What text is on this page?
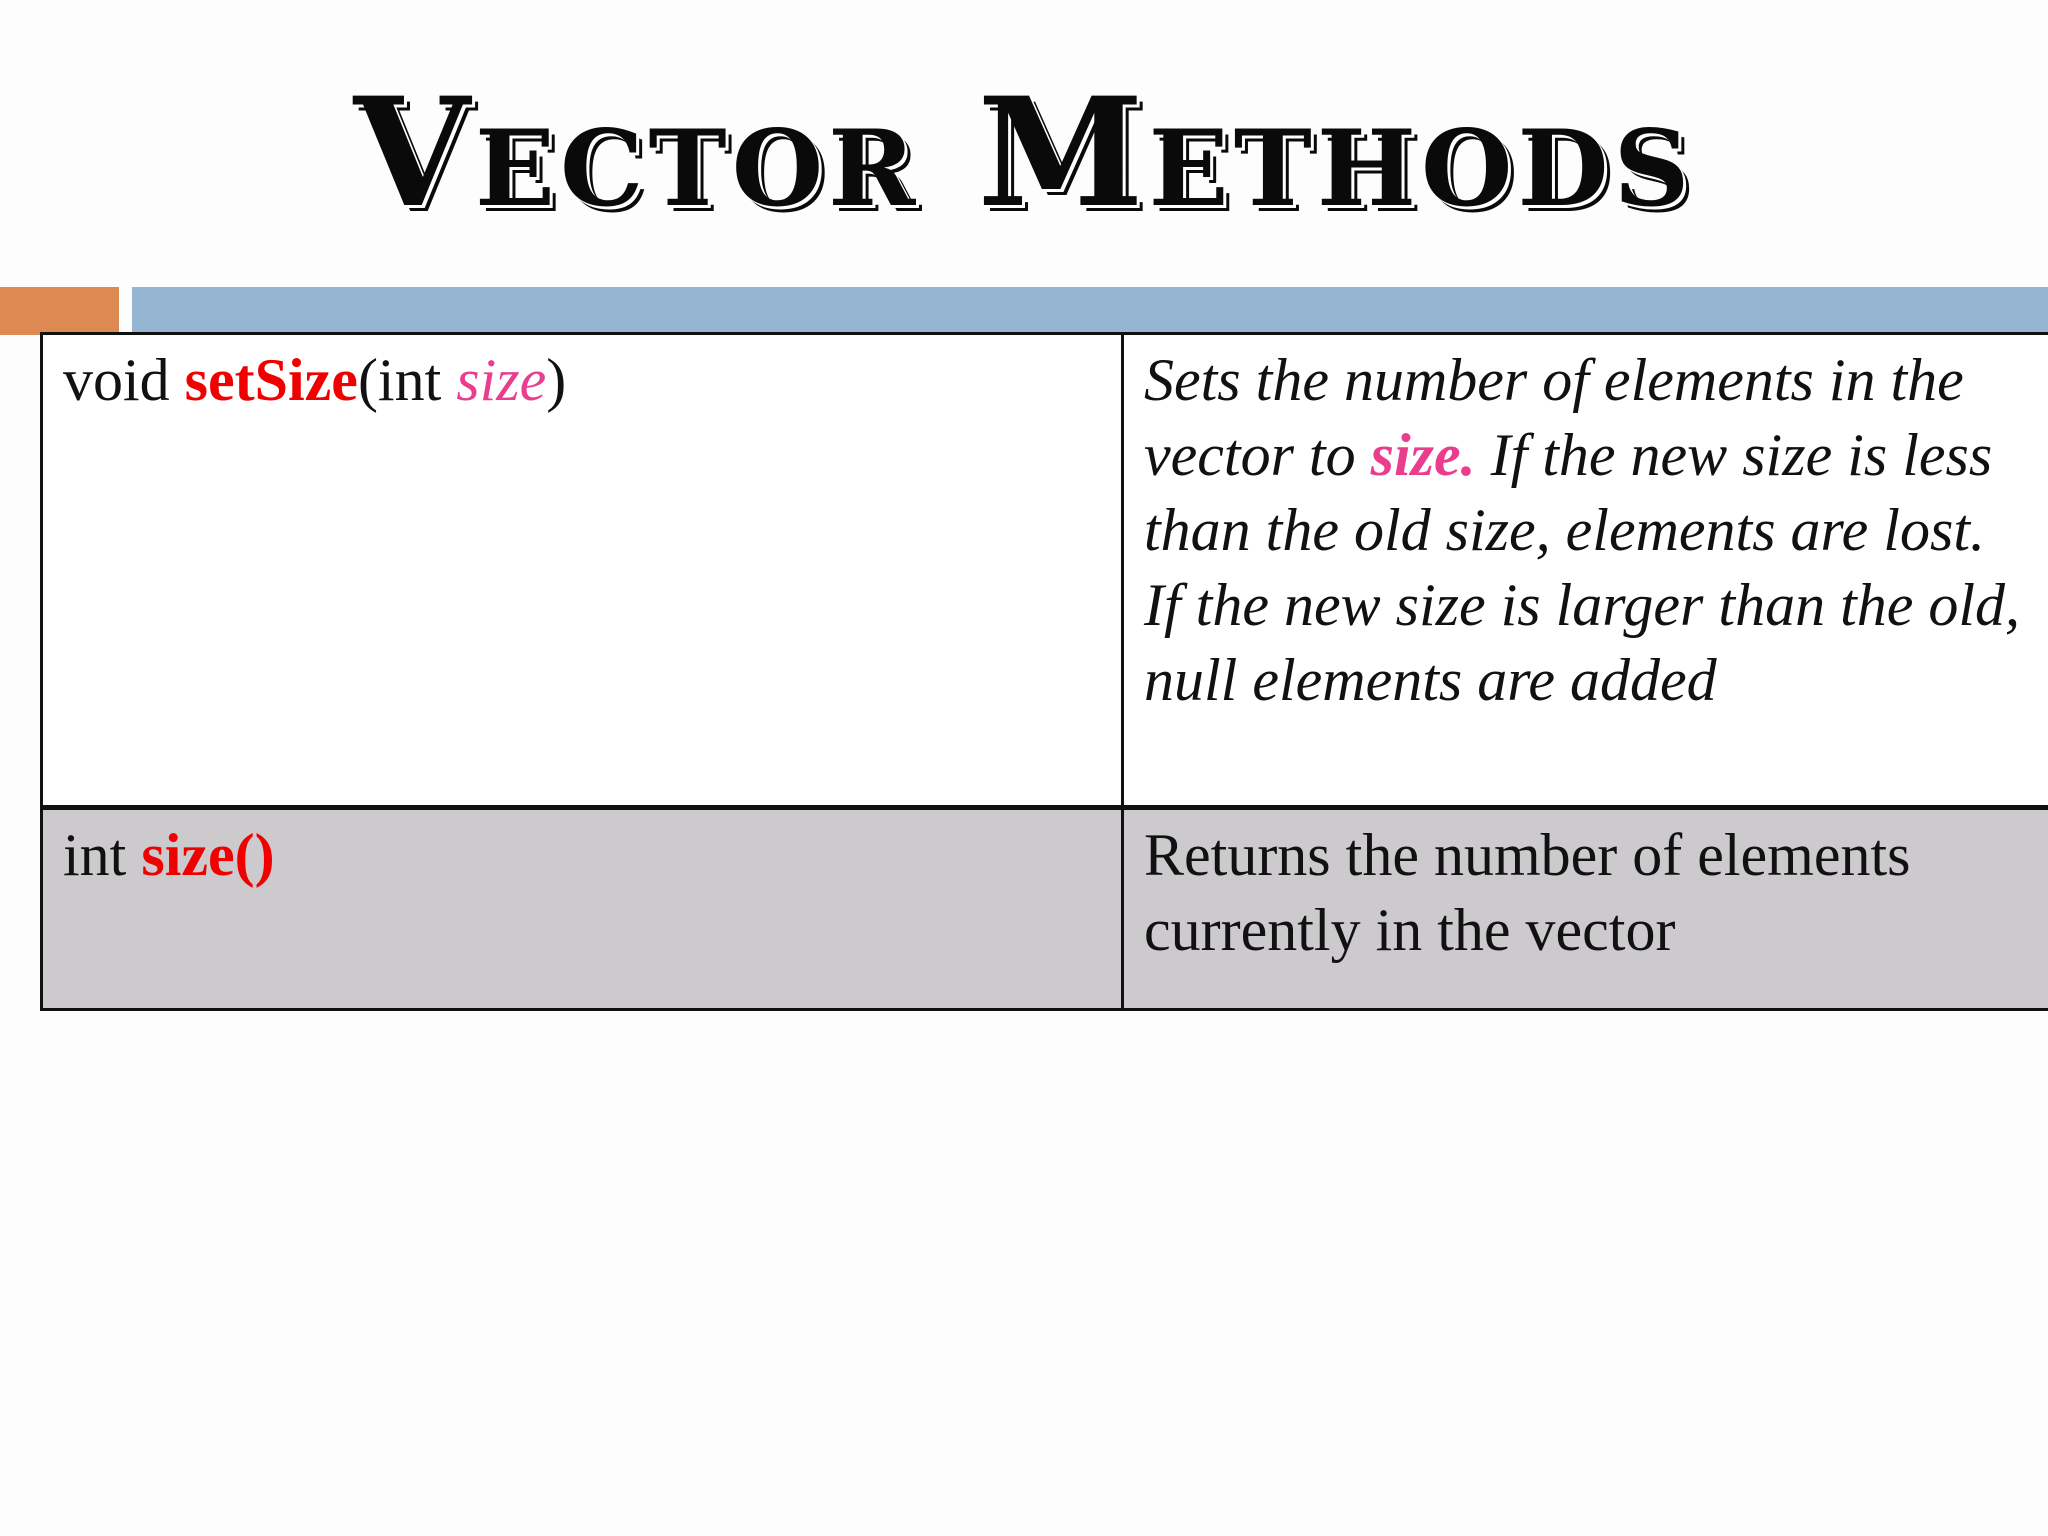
Vector Methods
void setSize(int size)	Sets the number of elements in the vector to size. If the new size is less than the old size, elements are lost. If the new size is larger than the old, null elements are added
int size()	Returns the number of elements currently in the vector
